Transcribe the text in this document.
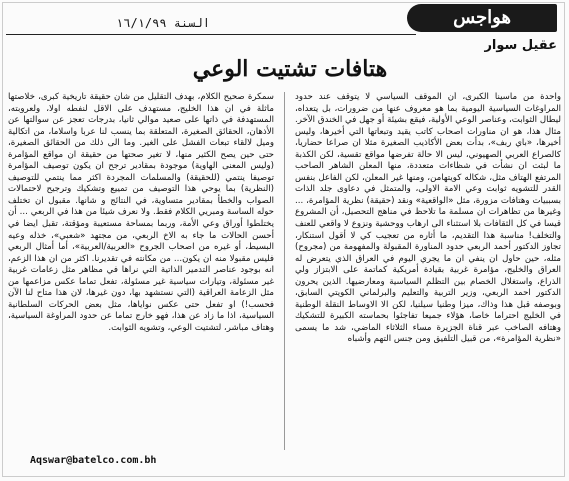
السنة ١٦/١/٩٩	هواجس
عقيل سوار
هتافات تشتيت الوعي

واحدة من مآسينا الكبرى، أن الموقف السياسي لا يتوقف عند حدود المراوغات السياسية اليومية بما هو معروف عنها من ضرورات، بل يتعداه، ليطال الثوابت، وعناصر الوعي الأولية، فيقع بشيئة أو جهل في الخندق الآخر. مثال هذا، هو ان مناورات اصحاب كاتب يقيد وتبعاتها التي أخيرها، وليس أخيرها، «باي ربف»، بدأت بعض الأكاذيب الصغيرة مثلا ان صراعا حضاريا، كالصراع العربي الصهيوني، ليس الا حالة تفرضها مواقع تقسية، لكن الكذبة ما لبثت ان نشأت في شظاءات متعددة، منها المعلن الشاهر الصاحب المرتفع الهتاف مثل، شكاله كويتهامن، ومنها غير المعلن، لكن الفاعل بنفس القدر للتشويه ثوابت وعي الامة الاولى، والمتمثل في دعاوى جلد الذات بسببيات وهتافات مزورة، مثل «الواقعية» ونقد (حقيقة) نظرية المؤامرة، ... وغيرها من تظاهرات ان مسلمة ما تلاحظ في مناهج التحصيل، أن المشروع قيسا في كل الثقافات بلا استثناء الى ارهاب ووحشية ونزوع لا واقعي للعنف والتخلف! مناسبة هذا التقديم، ما أثاره من تعجيب كي لا أقول استنكار، تجاوز الدكتور أحمد الربعي حدود المناورة المقبولة والمفهومة من (مجروح) مثله، حين حاول ان ينفي ان ما يجري اليوم في العراق الذي يتعرض له العراق والخليج، مؤامرة غربية بقيادة أمريكية كماتمة على الابتزاز ولي الذراع، واستغلال الخصام بين التظلم السياسية ومعارضيها. الذين يحرون الدكتور احمد الربعي، وزير التربية والتعليم والبرلماني الكويتي السابق، وبوصفه قبل هذا وذاك، ميزا وطنيا سيلنيا، لكن الا الاوساط النقلة الوطنية في الخليج احتراما خاصا، هؤلاء جميعا تفاجئوا بحماسته الكبيرة للتشكيك وهتافه الصاخب عبر قناة الجزيرة مساء الثلاثاء الماضي، شد ما يسمى «نظرية المؤامرة»، من قبيل التلفيق ومن جنس التهم وأشباه

سمكرة صحيح الكلام، بهدف التقليل من شأن حقيقة تاريخية كبرى، خلاصتها ماثلة في ان هذا الخليج، مستهدف على الاقل لنفطه اولا، ولعروبته، المستهدفة في ذاتها على صعيد موالي ثانيا، بدرجات تعجز عن سوالتها عن الأذهان، الحقائق الصغيرة، المتعلقة بما ينسب لنا عربا واسلاما، من اتكالية وميل لالقاء تبعات الفشل على الغير. وما الى ذلك من الحقائق الصغيرة، حتى حين يصح الكثير منها، لا تغير صحتها من حقيقة ان مواقع المؤامرة (وليس المعنى الهاوية) موجودة بمقادير ترجح ان يكون توصيف المؤامرة توصيفا ينتمي (للحقيقة) والمسلمات المجردة اكثر مما ينتمي للتوصيف (النظرية) بما يوحي هذا التوصيف من تمييع وتشكيك وترجيح لاحتمالات الصواب والخطأ بمقادير متساوية، في النتائج و شانها. مقبول ان تختلف حوله الساسة ومبريي الكلام فقط. ولا نعرف شيئا من هذا في الربعي ... أن يختلطوا أوراق وعي الأمة، وربما بمساحة مستعيبة ومؤقتة، تقبل ايضا في أحسن الحالات ما جاء به الاخ الربعي، من مجتهد «شعبي»، خذله وعيه البسيط، أو غيره من اصحاب الجروح «العربية/العربية»، أما أمثال الربعي فليس مقبولا منه ان يكون... من مكانته في تقديرنا. اكثر من ان هذا الزعم، انه بوجود عناصر التدمير الذاتية التي نراها في مظاهر مثل زعامات غربية غير مسئولة، وتيارات سياسية غير مسئولة، تفعل تماما عكس مزاعمها من مثل الزعامة العراقية (التي نستشهد بها، دون غيرها، لان هذا متاح لنا الآن فحسب!) او تفعل حتى عكس نواياها، مثل بعض الحركات السلطانية السياسية، اذا ما زاد عن هذا، فهو خارج تماما عن حدود المراوغة السياسية، وهتاف مباشر، لتشتيت الوعي، وتشويه الثوابت.

Aqswar@batelco.com.bh
